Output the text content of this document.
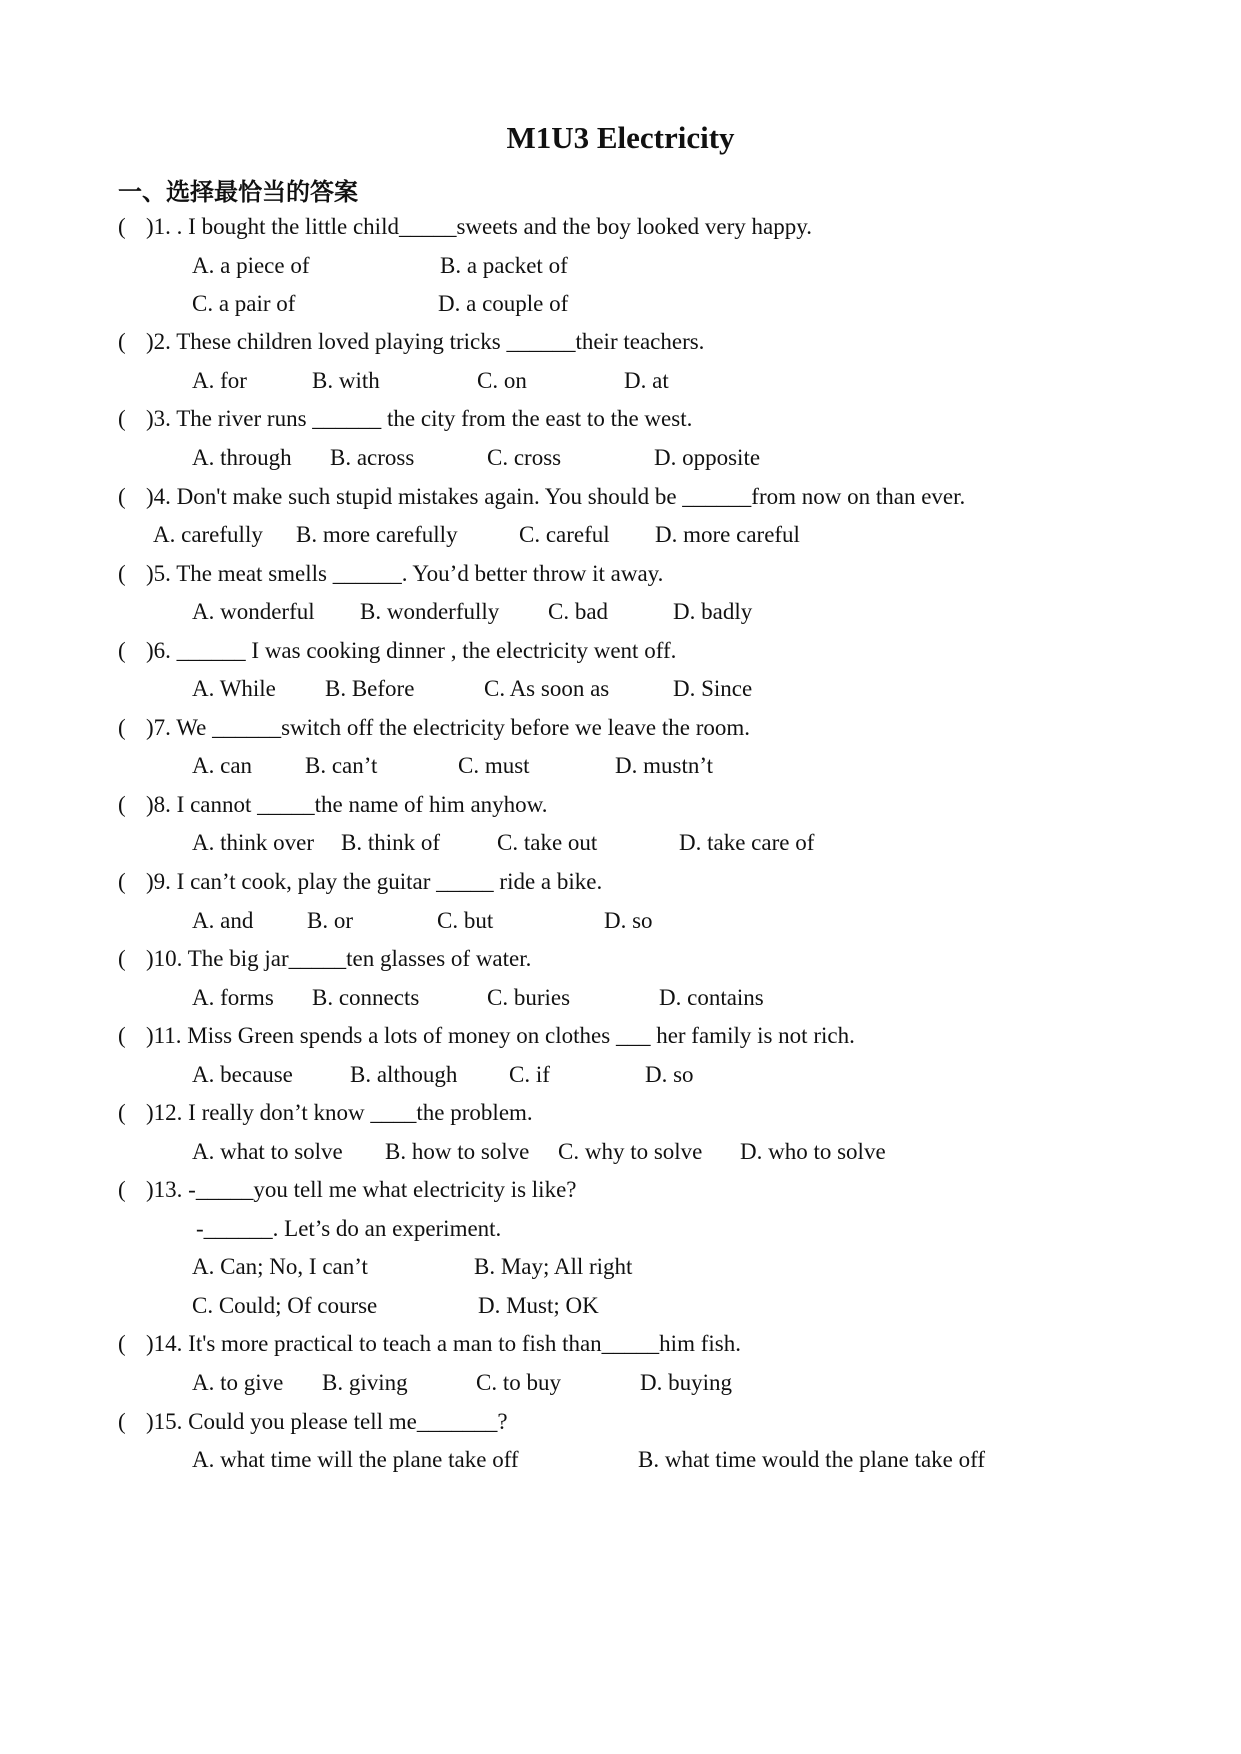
M1U3 Electricity
一、选择最恰当的答案
( )1. . I bought the little child_____sweets and the boy looked very happy.
A. a piece of	B. a packet of
C. a pair of	D. a couple of
( )2. These children loved playing tricks ______their teachers.
A. for	B. with	C. on	D. at
( )3. The river runs ______ the city from the east to the west.
A. through B. across	C. cross	D. opposite
( )4. Don't make such stupid mistakes again. You should be ______from now on than ever.
A. carefully B. more carefully	C. careful D. more careful
( )5. The meat smells ______. You’d better throw it away.
A. wonderful B. wonderfully C. bad	D. badly
( )6. ______ I was cooking dinner , the electricity went off.
A. While B. Before	C. As soon as	D. Since
( )7. We ______switch off the electricity before we leave the room.
A. can B. can’t	C. must	D. mustn’t
( )8. I cannot _____the name of him anyhow.
A. think over B. think of C. take out	D. take care of
( )9. I can’t cook, play the guitar _____ ride a bike.
A. and B. or	C. but	D. so
( )10. The big jar_____ten glasses of water.
A. forms B. connects	C. buries	D. contains
( )11. Miss Green spends a lots of money on clothes ___ her family is not rich.
A. because B. although C. if	D. so
( )12. I really don’t know ____the problem.
A. what to solve B. how to solve C. why to solve D. who to solve
( )13. -_____you tell me what electricity is like?
-______. Let’s do an experiment.
A. Can; No, I can’t	B. May; All right
C. Could; Of course	D. Must; OK
( )14. It's more practical to teach a man to fish than_____him fish.
A. to give B. giving	C. to buy	D. buying
( )15. Could you please tell me_______?
A. what time will the plane take off	B. what time would the plane take off
